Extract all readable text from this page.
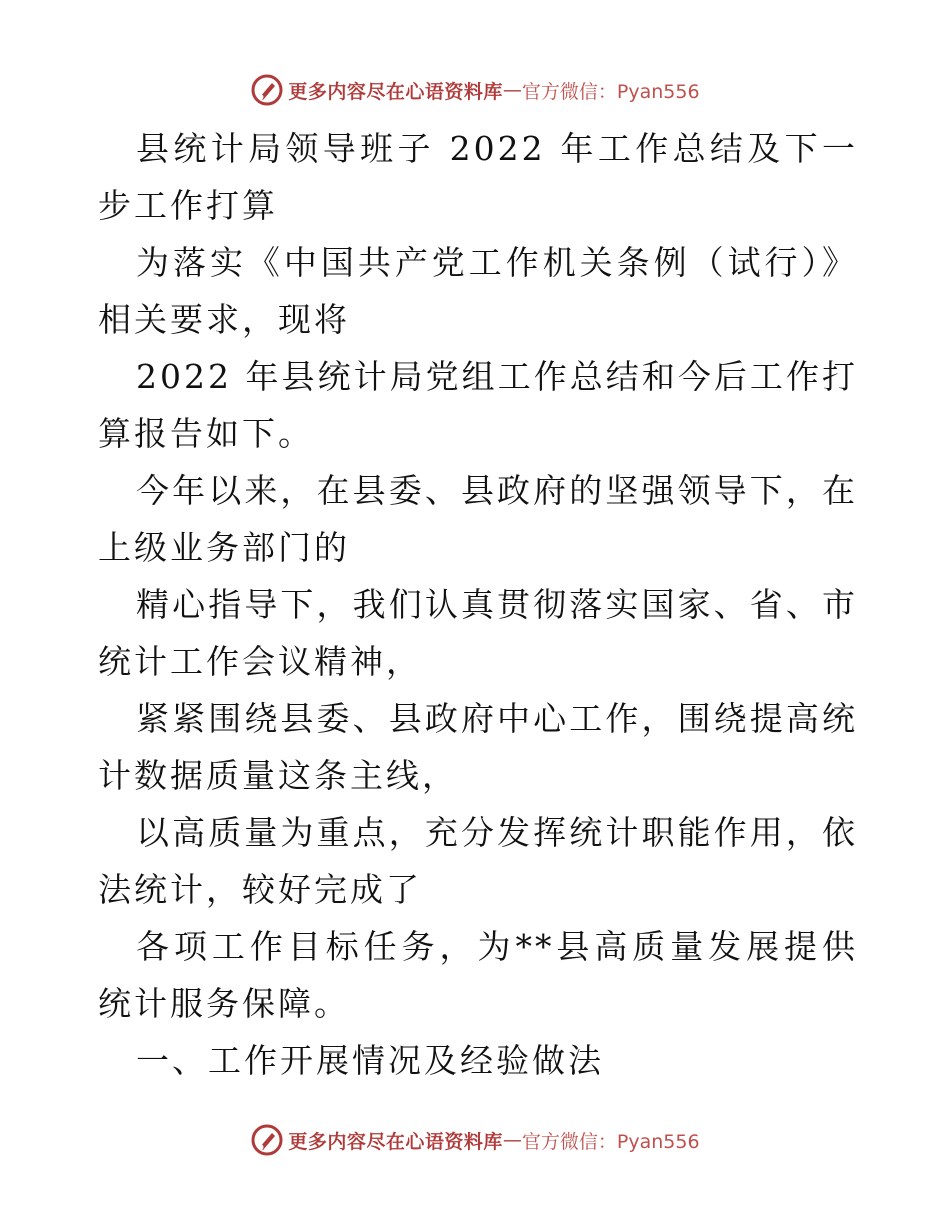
更多内容尽在心语资料库 — 官方微信：Pyan556

县统计局领导班子 2022 年工作总结及下一步工作打算

为落实《中国共产党工作机关条例（试行）》相关要求，现将

2022 年县统计局党组工作总结和今后工作打算报告如下。

今年以来，在县委、县政府的坚强领导下，在上级业务部门的

精心指导下，我们认真贯彻落实国家、省、市统计工作会议精神，

紧紧围绕县委、县政府中心工作，围绕提高统计数据质量这条主线，

以高质量为重点，充分发挥统计职能作用，依法统计，较好完成了

各项工作目标任务，为**县高质量发展提供统计服务保障。

一、工作开展情况及经验做法

更多内容尽在心语资料库 — 官方微信：Pyan556
